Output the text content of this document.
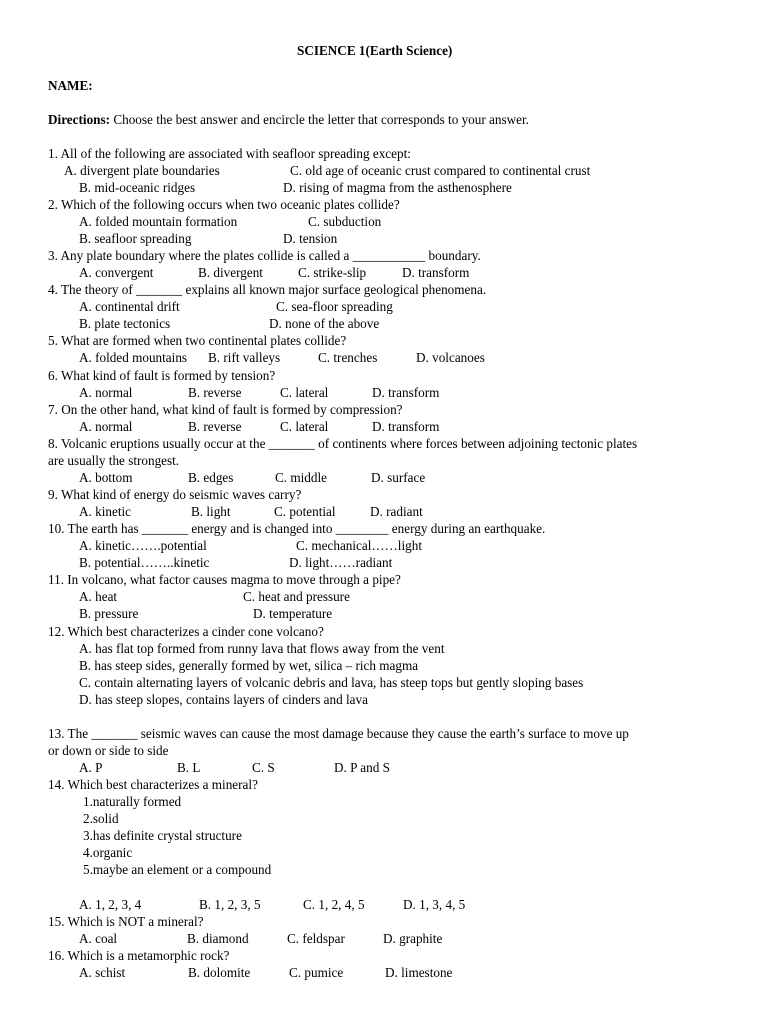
SCIENCE 1(Earth Science)
NAME:
Directions: Choose the best answer and encircle the letter that corresponds to your answer.
1. All of the following are associated with seafloor spreading except:
A. divergent plate boundaries	C. old age of oceanic crust compared to continental crust
B. mid-oceanic ridges	D. rising of magma from the asthenosphere
2. Which of the following occurs when two oceanic plates collide?
A. folded mountain formation	C. subduction
B. seafloor spreading	D. tension
3. Any plate boundary where the plates collide is called a ___________ boundary.
A. convergent	B. divergent	C. strike-slip	D. transform
4. The theory of _______ explains all known major surface geological phenomena.
A. continental drift	C. sea-floor spreading
B. plate tectonics	D. none of the above
5. What are formed when two continental plates collide?
A. folded mountains B. rift valleys	C. trenches	D. volcanoes
6. What kind of fault is formed by tension?
A. normal	B. reverse	C. lateral	D. transform
7. On the other hand, what kind of fault is formed by compression?
A. normal	B. reverse	C. lateral	D. transform
8. Volcanic eruptions usually occur at the _______ of continents where forces between adjoining tectonic plates
are usually the strongest.
A. bottom	B. edges	C. middle	D. surface
9. What kind of energy do seismic waves carry?
A. kinetic	B. light	C. potential	D. radiant
10. The earth has _______ energy and is changed into ________ energy during an earthquake.
A. kinetic…….potential	C. mechanical……light
B. potential……..kinetic	D. light……radiant
11. In volcano, what factor causes magma to move through a pipe?
A. heat	C. heat and pressure
B. pressure	D. temperature
12. Which best characterizes a cinder cone volcano?
A. has flat top formed from runny lava that flows away from the vent
B. has steep sides, generally formed by wet, silica – rich magma
C. contain alternating layers of volcanic debris and lava, has steep tops but gently sloping bases
D. has steep slopes, contains layers of cinders and lava
13. The _______ seismic waves can cause the most damage because they cause the earth’s surface to move up
or down or side to side
A. P	B. L	C. S	D. P and S
14. Which best characterizes a mineral?
1.naturally formed
2.solid
3.has definite crystal structure
4.organic
5.maybe an element or a compound
A. 1, 2, 3, 4	B. 1, 2, 3, 5	C. 1, 2, 4, 5	D. 1, 3, 4, 5
15. Which is NOT a mineral?
A. coal	B. diamond	C. feldspar	D. graphite
16. Which is a metamorphic rock?
A. schist	B. dolomite	C. pumice	D. limestone
